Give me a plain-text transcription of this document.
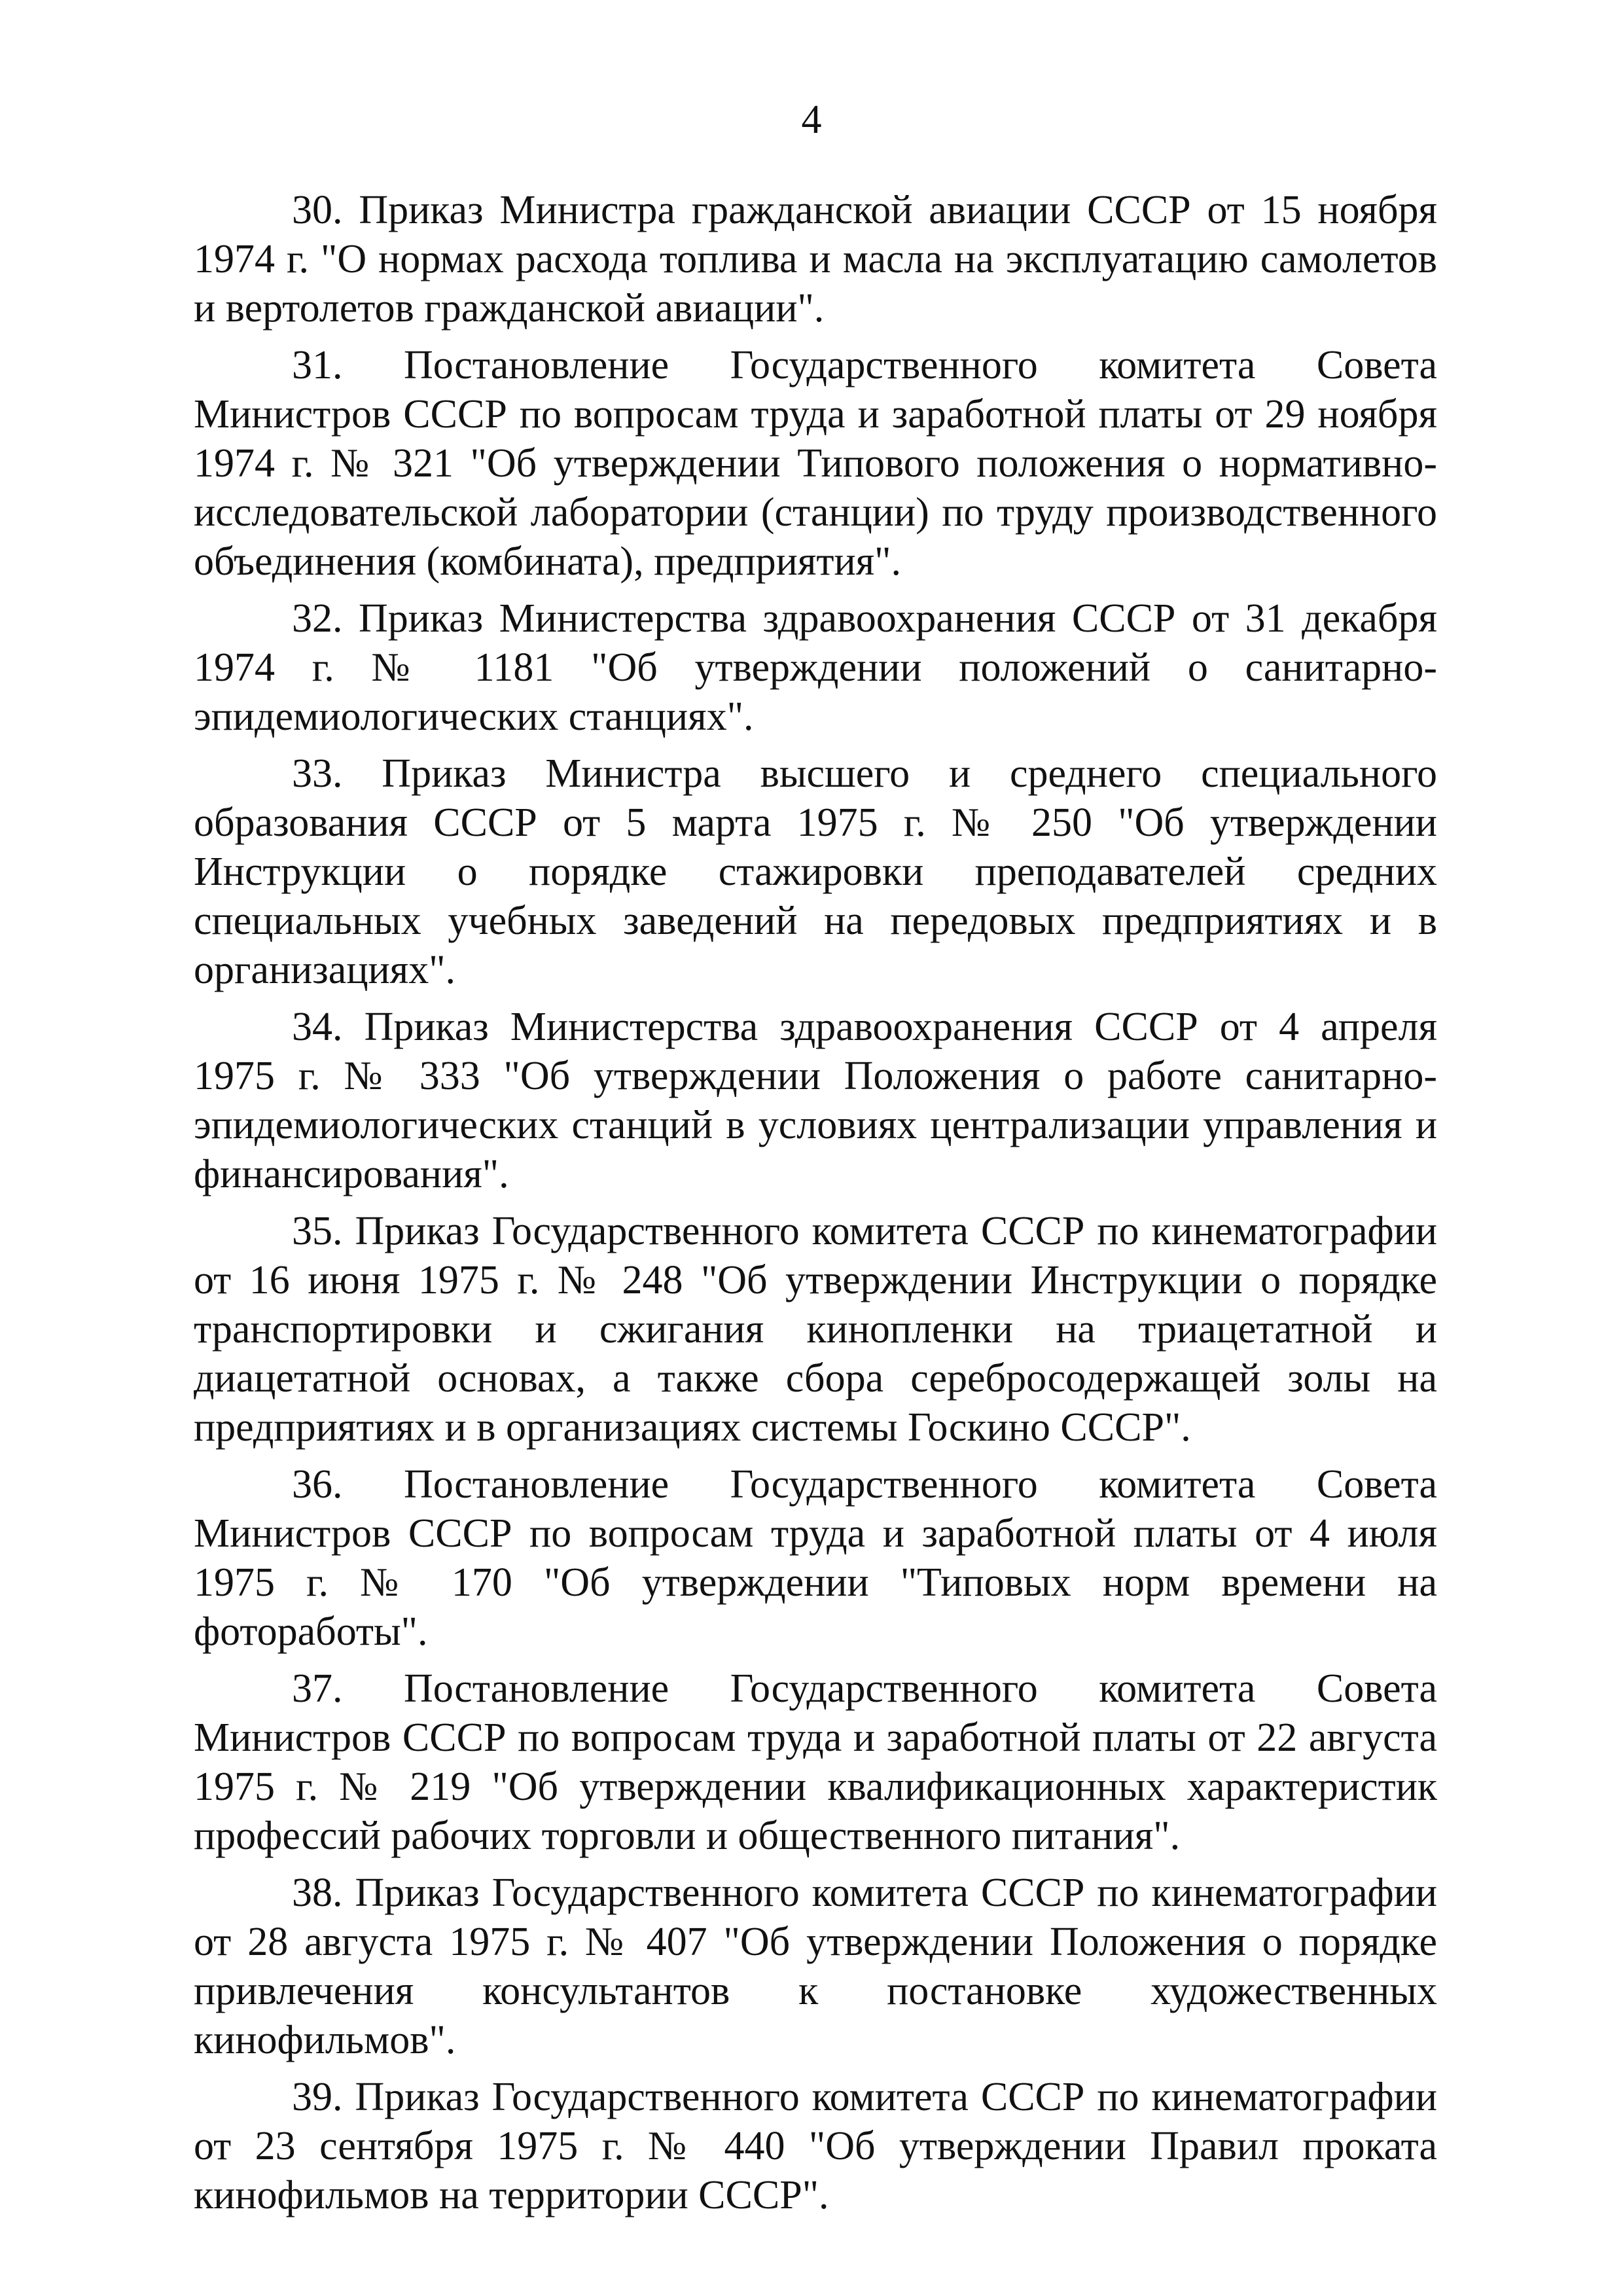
4

30. Приказ Министра гражданской авиации СССР от 15 ноября 1974 г. "О нормах расхода топлива и масла на эксплуатацию самолетов и вертолетов гражданской авиации".

31. Постановление Государственного комитета Совета Министров СССР по вопросам труда и заработной платы от 29 ноября 1974 г. № 321 "Об утверждении Типового положения о нормативно-исследовательской лаборатории (станции) по труду производственного объединения (комбината), предприятия".

32. Приказ Министерства здравоохранения СССР от 31 декабря 1974 г. № 1181 "Об утверждении положений о санитарно-эпидемиологических станциях".

33. Приказ Министра высшего и среднего специального образования СССР от 5 марта 1975 г. № 250 "Об утверждении Инструкции о порядке стажировки преподавателей средних специальных учебных заведений на передовых предприятиях и в организациях".

34. Приказ Министерства здравоохранения СССР от 4 апреля 1975 г. № 333 "Об утверждении Положения о работе санитарно-эпидемиологических станций в условиях централизации управления и финансирования".

35. Приказ Государственного комитета СССР по кинематографии от 16 июня 1975 г. № 248 "Об утверждении Инструкции о порядке транспортировки и сжигания кинопленки на триацетатной и диацетатной основах, а также сбора серебросодержащей золы на предприятиях и в организациях системы Госкино СССР".

36. Постановление Государственного комитета Совета Министров СССР по вопросам труда и заработной платы от 4 июля 1975 г. № 170 "Об утверждении "Типовых норм времени на фотоработы".

37. Постановление Государственного комитета Совета Министров СССР по вопросам труда и заработной платы от 22 августа 1975 г. № 219 "Об утверждении квалификационных характеристик профессий рабочих торговли и общественного питания".

38. Приказ Государственного комитета СССР по кинематографии от 28 августа 1975 г. № 407 "Об утверждении Положения о порядке привлечения консультантов к постановке художественных кинофильмов".

39. Приказ Государственного комитета СССР по кинематографии от 23 сентября 1975 г. № 440 "Об утверждении Правил проката кинофильмов на территории СССР".
